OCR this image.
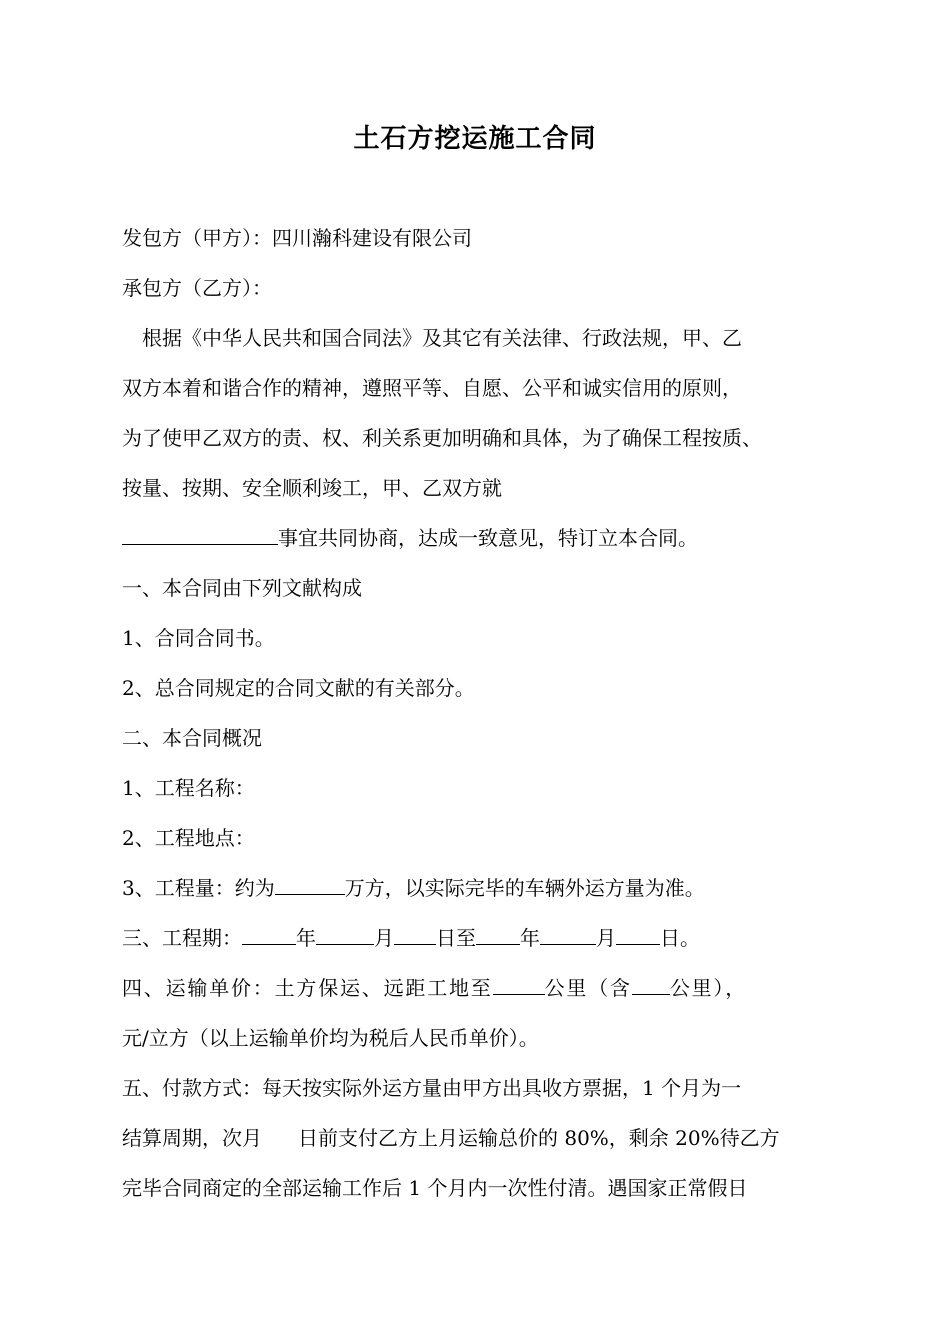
土石方挖运施工合同
发包方（甲方）：四川瀚科建设有限公司
承包方（乙方）：
根据《中华人民共和国合同法》及其它有关法律、行政法规，甲、乙
双方本着和谐合作的精神，遵照平等、自愿、公平和诚实信用的原则，
为了使甲乙双方的责、权、利关系更加明确和具体，为了确保工程按质、
按量、按期、安全顺利竣工，甲、乙双方就
事宜共同协商，达成一致意见，特订立本合同。
一、本合同由下列文献构成
1、合同合同书。
2、总合同规定的合同文献的有关部分。
二、本合同概况
1、工程名称：
2、工程地点：
3、工程量：约为	万方，以实际完毕的车辆外运方量为准。
三、工程期：	年	月 日至 年	月 日。
四、运输单价：土方保运、远距工地至	公里（含 公里），
元/立方（以上运输单价均为税后人民币单价）。
五、付款方式：每天按实际外运方量由甲方出具收方票据，1 个月为一
结算周期，次月 日前支付乙方上月运输总价的 80%，剩余 20%待乙方
完毕合同商定的全部运输工作后 1 个月内一次性付清。遇国家正常假日
